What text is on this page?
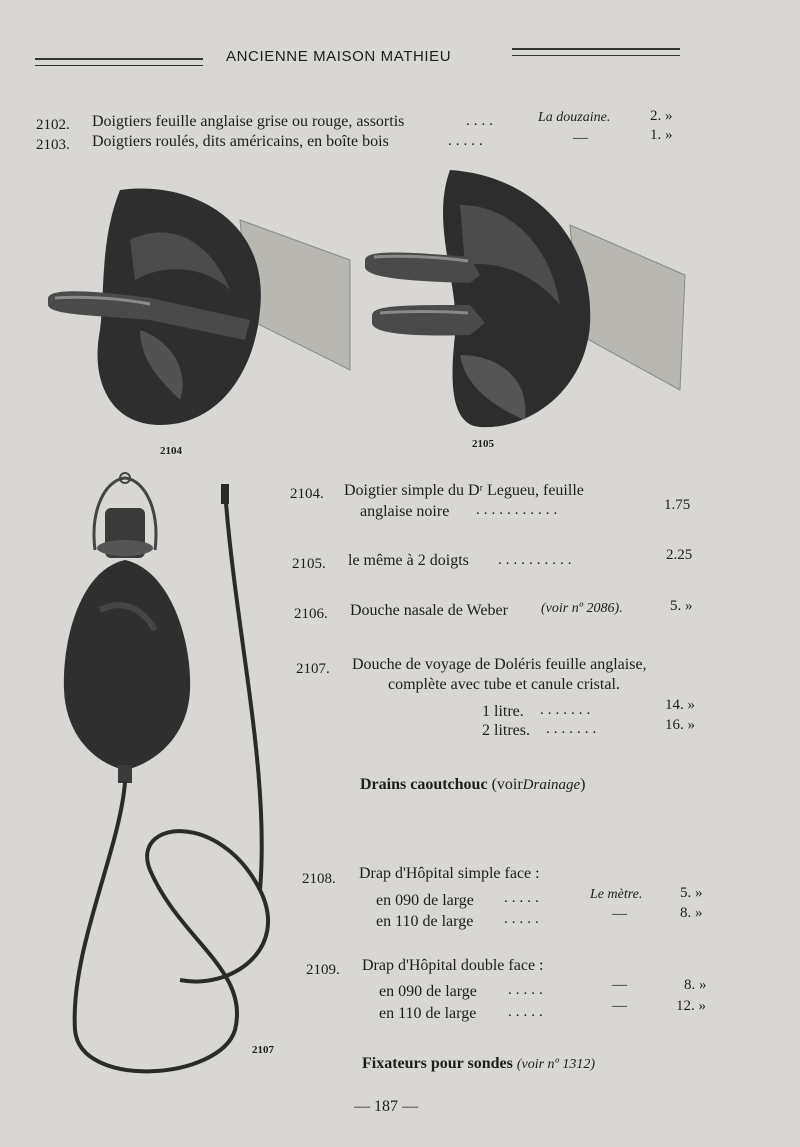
ANCIENNE MAISON MATHIEU
2102. Doigtiers feuille anglaise grise ou rouge, assortis	....	La douzaine.	2. »
2103. Doigtiers roulés, dits américains, en boîte bois	.....	—	1. »
2104
2105
2107
2104. Doigtier simple du Dʳ Legueu, feuille
anglaise noire ...........	1.75
2105. le même à 2 doigts ..........	2.25
2106. Douche nasale de Weber (voir nº 2086).	5. »
2107. Douche de voyage de Doléris feuille anglaise,
complète avec tube et canule cristal.
1 litre. .......	14. »
2 litres. .......	16. »
Drains caoutchouc (voirDrainage)
2108. Drap d'Hôpital simple face :
en 090 de large .....	Le mètre.	5. »
en 110 de large .....	—	8. »
2109. Drap d'Hôpital double face :
en 090 de large .....	—	8. »
en 110 de large .....	—	12. »
Fixateurs pour sondes (voir nº 1312)
— 187 —
